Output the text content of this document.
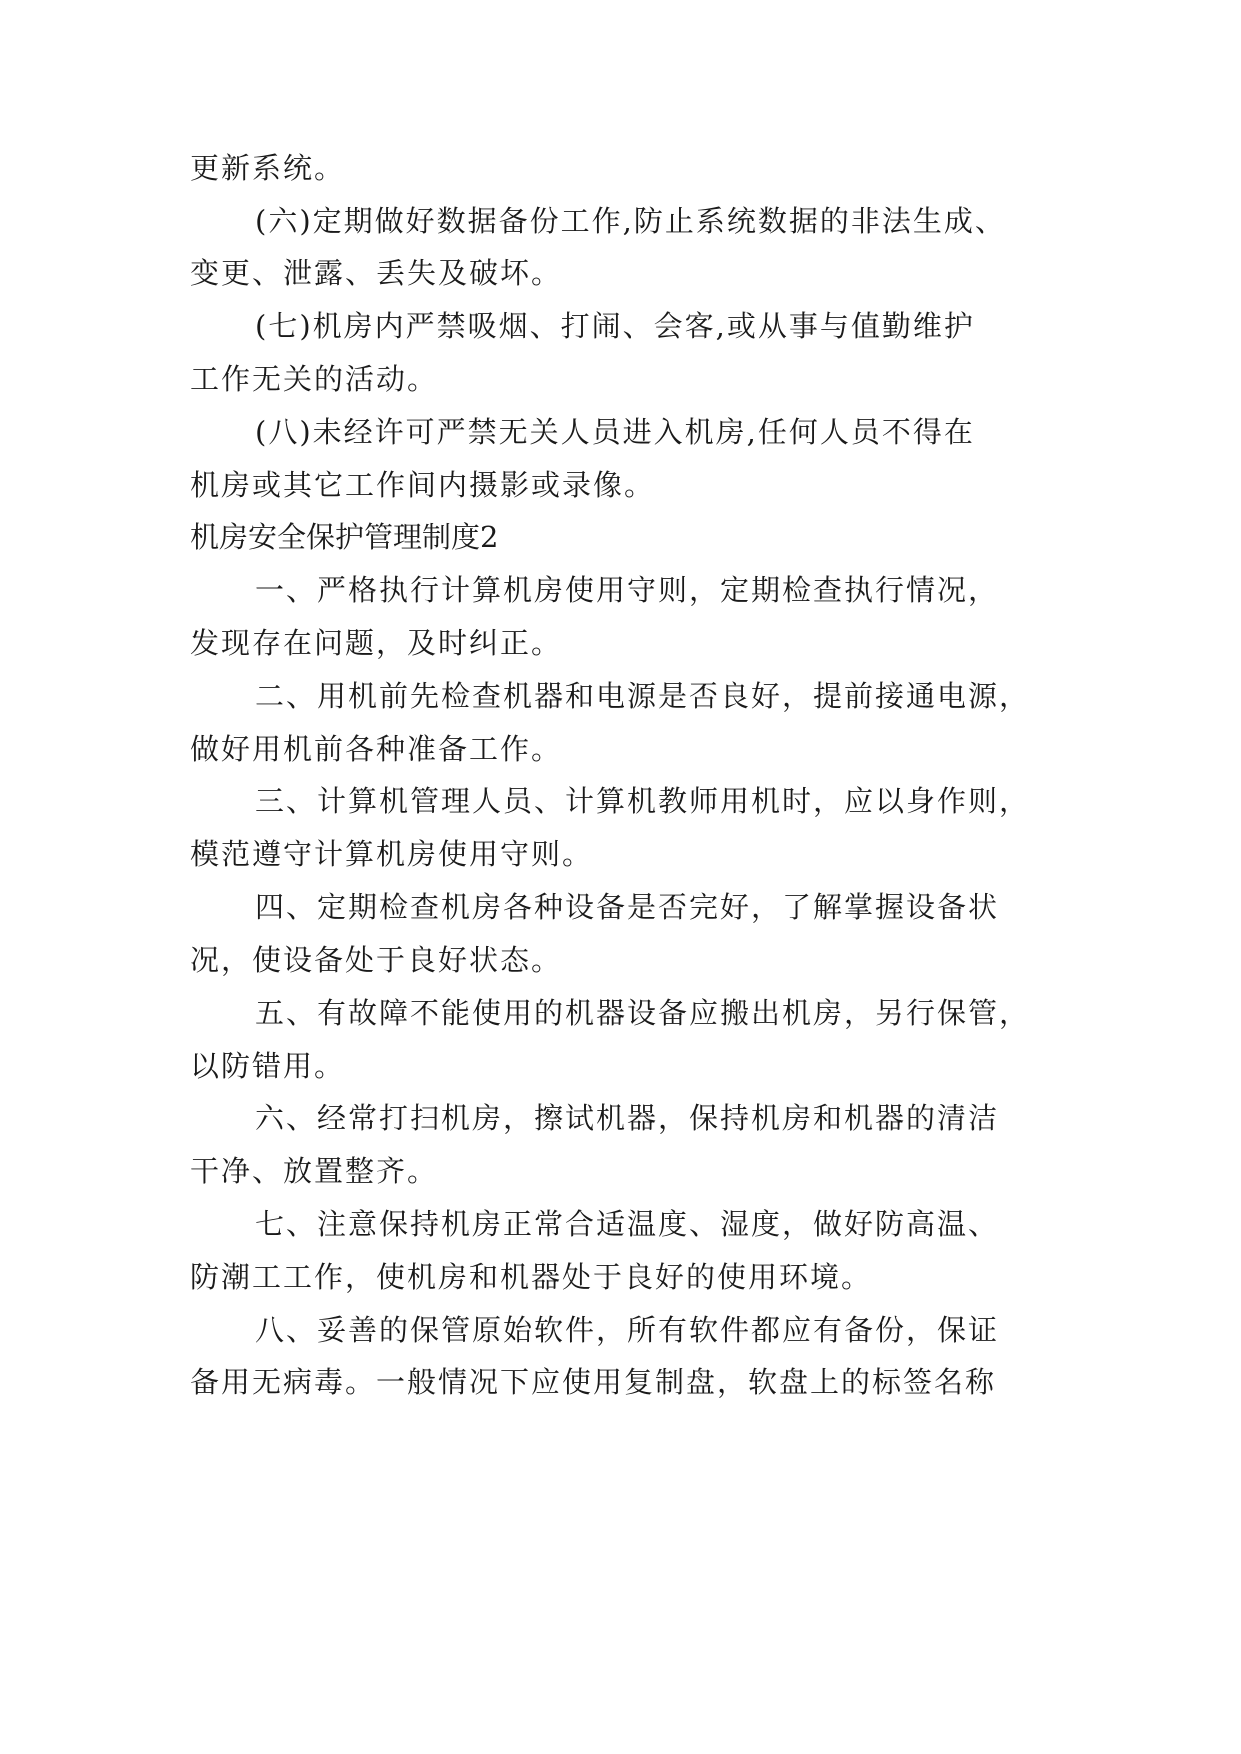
更新系统。
(六)定期做好数据备份工作,防止系统数据的非法生成、
变更、泄露、丢失及破坏。
(七)机房内严禁吸烟、打闹、会客,或从事与值勤维护
工作无关的活动。
(八)未经许可严禁无关人员进入机房,任何人员不得在
机房或其它工作间内摄影或录像。
机房安全保护管理制度2
一、严格执行计算机房使用守则，定期检查执行情况，
发现存在问题，及时纠正。
二、用机前先检查机器和电源是否良好，提前接通电源，
做好用机前各种准备工作。
三、计算机管理人员、计算机教师用机时，应以身作则，
模范遵守计算机房使用守则。
四、定期检查机房各种设备是否完好，了解掌握设备状
况，使设备处于良好状态。
五、有故障不能使用的机器设备应搬出机房，另行保管，
以防错用。
六、经常打扫机房，擦试机器，保持机房和机器的清洁
干净、放置整齐。
七、注意保持机房正常合适温度、湿度，做好防高温、
防潮工工作，使机房和机器处于良好的使用环境。
八、妥善的保管原始软件，所有软件都应有备份，保证
备用无病毒。一般情况下应使用复制盘，软盘上的标签名称
